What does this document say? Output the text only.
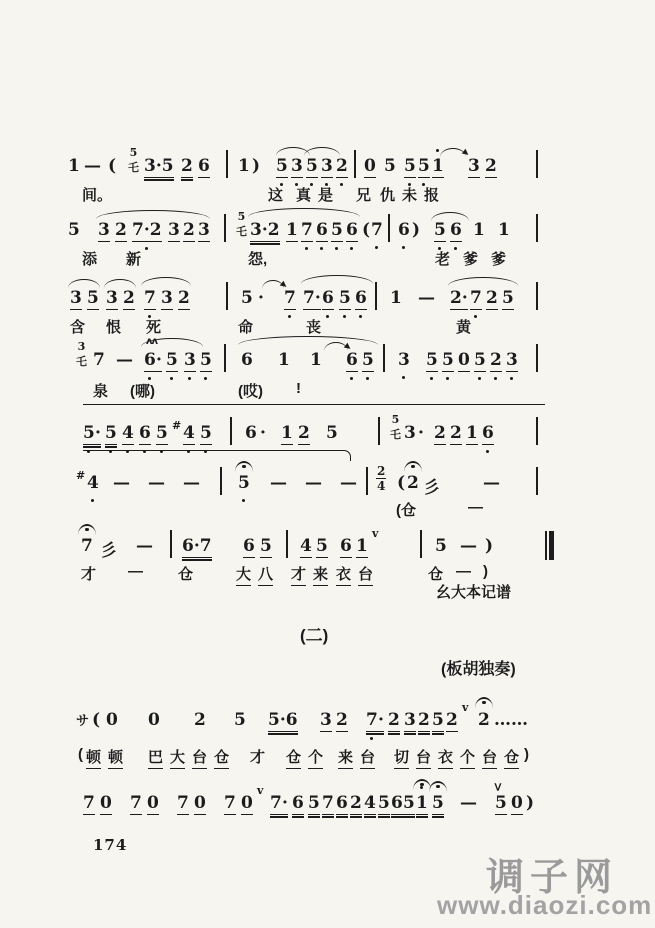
1 — ( 3·5 2 6 1 ) 5 3 5 3 2 0 5 5 5 1 3 2
5 3 2 7·2 3 2 3 3·2 1 7 6 5 6 ( 7 6 ) 5 6 1 1
3 5 3 2 7 3 2	5 · 7 7· 6 5 6 1 — 2· 7 2 5
7 — 6 · 5 3 5 6 1 1 6 5 3 5 5 0 5 2 3
5 · 5 4 6 5 # 4 5 6 · 1 2 5	3 · 2 2 1 6
# 4 — — — 5 — — — ( 2 彡	—
7 彡 — 6·7 6 5 4 5 6 1
v
5 — )
サ ( 0 0 2 5 5·6 3 2 7 · 2 3 2 5 2
v
2 ……
7 0 7 0 7 0 7 0
v
7 · 6 5 7 6 2 4 5 6 5 1 5 — 5 0 )
间。	这 真 是 兄 仇 未 报
添 新	怨,	老 爹 爹
含 恨 死	命	丧	黄
泉 (哪)	(哎) !
(仓	—
才 — 仓	大 八 才 来 衣 台	仓 — )
( 顿 顿 巴 大 台 仓 才 仓 个 来 台 切 台 衣 个 台 仓 )
5
乇
5
乇
3
乇
5
乇
2
4
ʌʌ
>
(二)
(板胡独奏)
幺大本记谱
174
调子网
www.diaozi.com
